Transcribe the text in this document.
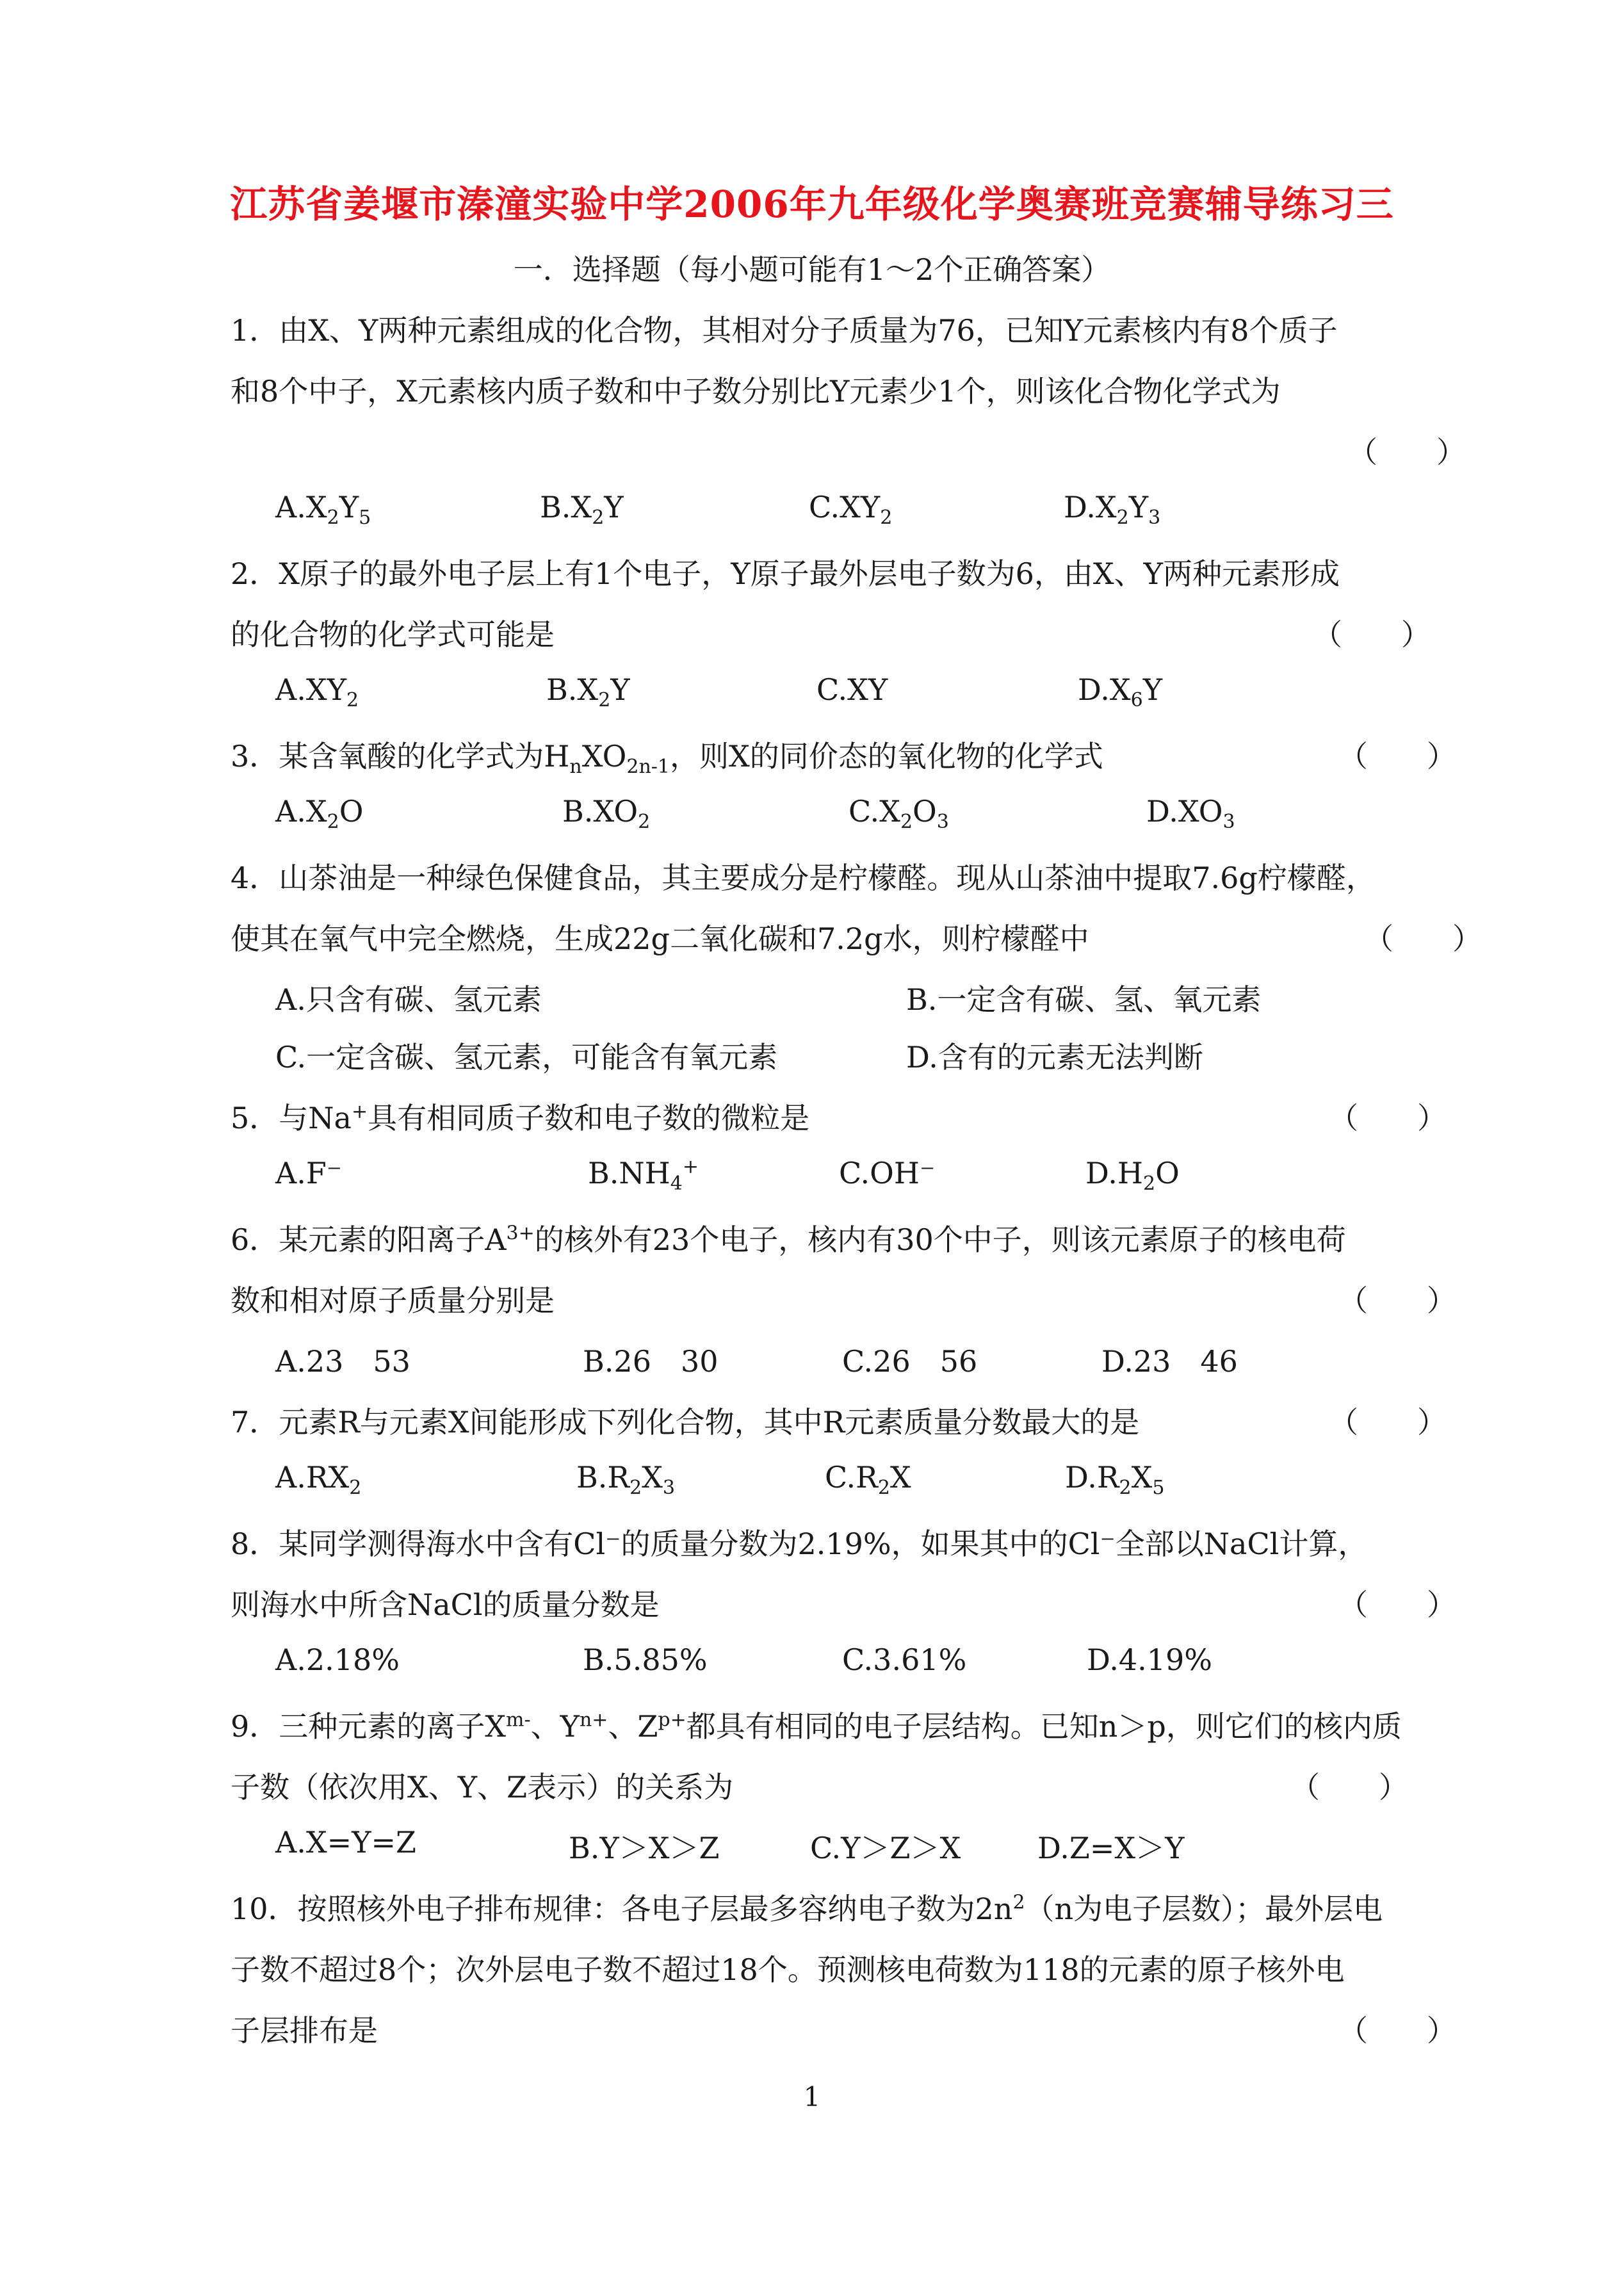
江苏省姜堰市溱潼实验中学2006年九年级化学奥赛班竞赛辅导练习三
一．选择题（每小题可能有1～2个正确答案）
1．由X、Y两种元素组成的化合物，其相对分子质量为76，已知Y元素核内有8个质子
和8个中子，X元素核内质子数和中子数分别比Y元素少1个，则该化合物化学式为
（　　）
$A.X_2Y_5$	$B.X_2Y$	$C.XY_2$	$D.X_2Y_3$
2．X原子的最外电子层上有1个电子，Y原子最外层电子数为6，由X、Y两种元素形成
的化合物的化学式可能是	（　　）
$A.XY_2$	$B.X_2Y$	C.XY	$D.X_6Y$
3．某含氧酸的化学式为$H_nXO_{2n-1}$，则X的同价态的氧化物的化学式	（　　）
$A.X_2O$	$B.XO_2$	$C.X_2O_3$	$D.XO_3$
4．山茶油是一种绿色保健食品，其主要成分是柠檬醛。现从山茶油中提取7.6g柠檬醛，
使其在氧气中完全燃烧，生成22g二氧化碳和7.2g水，则柠檬醛中	（　　）
A.只含有碳、氢元素	B.一定含有碳、氢、氧元素
C.一定含碳、氢元素，可能含有氧元素	D.含有的元素无法判断
5．与Na+具有相同质子数和电子数的微粒是	（　　）
A.F⁻	$B.NH_4^+$	C.OH⁻	$D.H_2O$
6．某元素的阳离子$A^{3+}$的核外有23个电子，核内有30个中子，则该元素原子的核电荷
数和相对原子质量分别是	（　　）
A.23　53	B.26　30	C.26　56	D.23　46
7．元素R与元素X间能形成下列化合物，其中R元素质量分数最大的是	（　　）
$A.RX_2$	$B.R_2X_3$	$C.R_2X$	$D.R_2X_5$
8．某同学测得海水中含有Cl⁻的质量分数为2.19%，如果其中的Cl⁻全部以NaCl计算，
则海水中所含NaCl的质量分数是	（　　）
A.2.18%	B.5.85%	C.3.61%	D.4.19%
9．三种元素的离子$X^{m-}$、$Y^{n+}$、$Z^{p+}$都具有相同的电子层结构。已知n＞p，则它们的核内质
子数（依次用X、Y、Z表示）的关系为	（　　）
A.X=Y=Z	B.Y＞X＞Z	C.Y＞Z＞X	D.Z=X＞Y
10．按照核外电子排布规律：各电子层最多容纳电子数为$2n^2(n$为电子层数）；最外层电
子数不超过8个；次外层电子数不超过18个。预测核电荷数为118的元素的原子核外电
子层排布是	（　　）
1
